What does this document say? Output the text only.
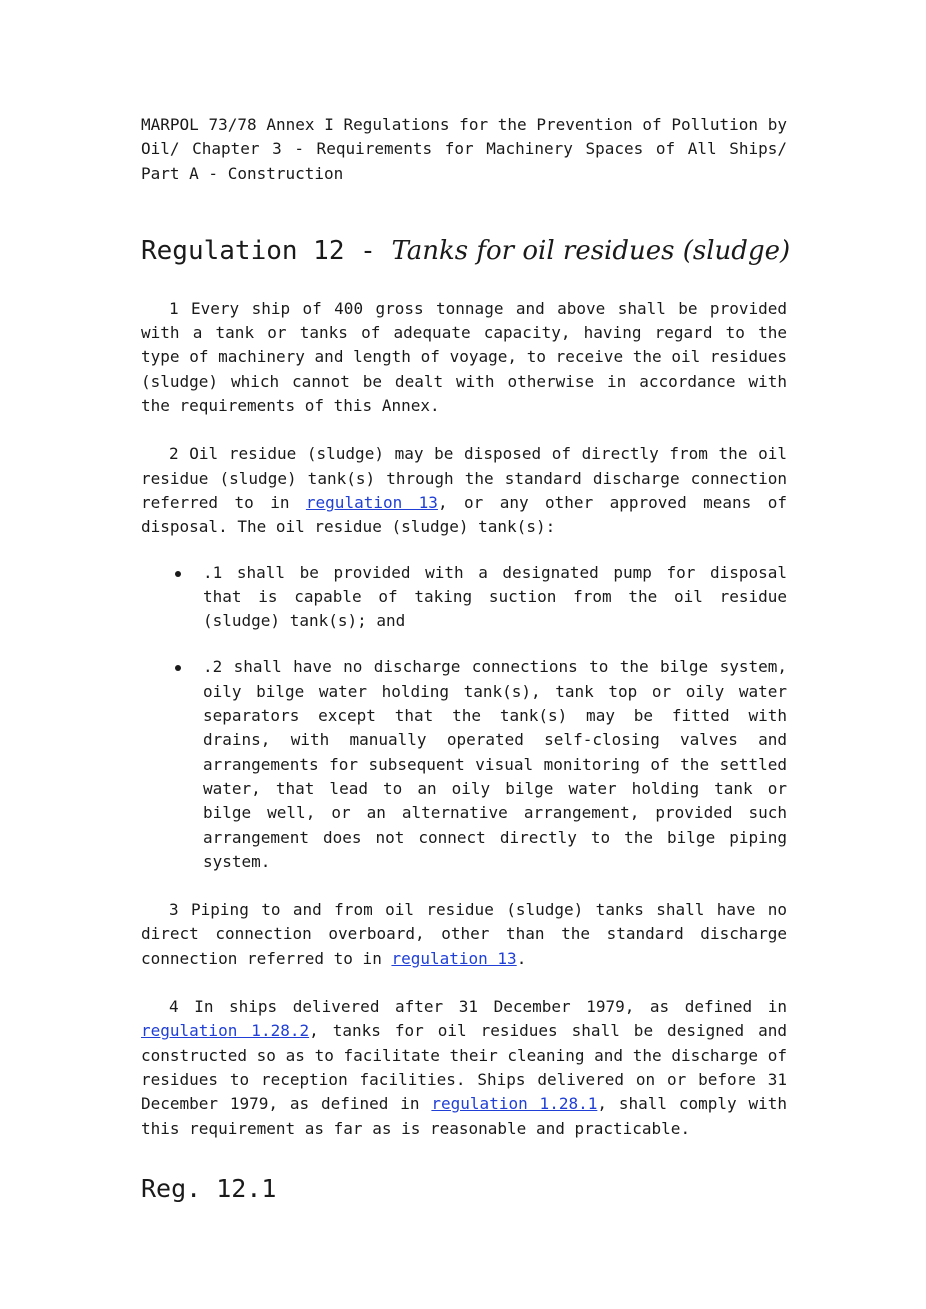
MARPOL 73/78 Annex I Regulations for the Prevention of Pollution by Oil/ Chapter 3 - Requirements for Machinery Spaces of All Ships/ Part A - Construction

Regulation 12 - Tanks for oil residues (sludge)

1 Every ship of 400 gross tonnage and above shall be provided with a tank or tanks of adequate capacity, having regard to the type of machinery and length of voyage, to receive the oil residues (sludge) which cannot be dealt with otherwise in accordance with the requirements of this Annex.

2 Oil residue (sludge) may be disposed of directly from the oil residue (sludge) tank(s) through the standard discharge connection referred to in regulation 13, or any other approved means of disposal. The oil residue (sludge) tank(s):

.1 shall be provided with a designated pump for disposal that is capable of taking suction from the oil residue (sludge) tank(s); and
.2 shall have no discharge connections to the bilge system, oily bilge water holding tank(s), tank top or oily water separators except that the tank(s) may be fitted with drains, with manually operated self-closing valves and arrangements for subsequent visual monitoring of the settled water, that lead to an oily bilge water holding tank or bilge well, or an alternative arrangement, provided such arrangement does not connect directly to the bilge piping system.

3 Piping to and from oil residue (sludge) tanks shall have no direct connection overboard, other than the standard discharge connection referred to in regulation 13.

4 In ships delivered after 31 December 1979, as defined in regulation 1.28.2, tanks for oil residues shall be designed and constructed so as to facilitate their cleaning and the discharge of residues to reception facilities. Ships delivered on or before 31 December 1979, as defined in regulation 1.28.1, shall comply with this requirement as far as is reasonable and practicable.

Reg. 12.1
